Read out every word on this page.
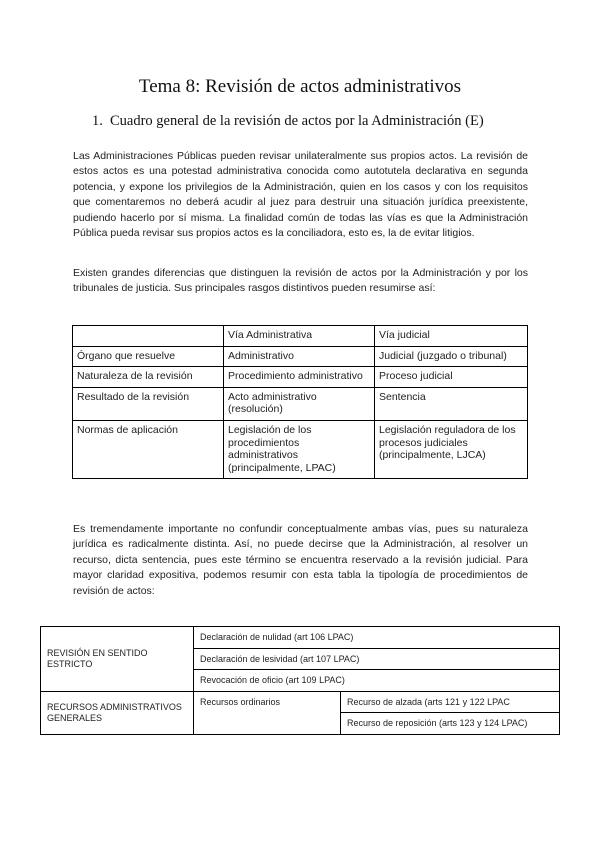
Tema 8: Revisión de actos administrativos
1. Cuadro general de la revisión de actos por la Administración (E)

Las Administraciones Públicas pueden revisar unilateralmente sus propios actos. La revisión de estos actos es una potestad administrativa conocida como autotutela declarativa en segunda potencia, y expone los privilegios de la Administración, quien en los casos y con los requisitos que comentaremos no deberá acudir al juez para destruir una situación jurídica preexistente, pudiendo hacerlo por sí misma. La finalidad común de todas las vías es que la Administración Pública pueda revisar sus propios actos es la conciliadora, esto es, la de evitar litigios.

Existen grandes diferencias que distinguen la revisión de actos por la Administración y por los tribunales de justicia. Sus principales rasgos distintivos pueden resumirse así:

	Vía Administrativa	Vía judicial
Órgano que resuelve	Administrativo	Judicial (juzgado o tribunal)
Naturaleza de la revisión	Procedimiento administrativo	Proceso judicial
Resultado de la revisión	Acto administrativo (resolución)	Sentencia
Normas de aplicación	Legislación de los procedimientos administrativos (principalmente, LPAC)	Legislación reguladora de los procesos judiciales (principalmente, LJCA)

Es tremendamente importante no confundir conceptualmente ambas vías, pues su naturaleza jurídica es radicalmente distinta. Así, no puede decirse que la Administración, al resolver un recurso, dicta sentencia, pues este término se encuentra reservado a la revisión judicial. Para mayor claridad expositiva, podemos resumir con esta tabla la tipología de procedimientos de revisión de actos:

REVISIÓN EN SENTIDO ESTRICTO	Declaración de nulidad (art 106 LPAC)	
	Declaración de lesividad (art 107 LPAC)	
	Revocación de oficio (art 109 LPAC)	
RECURSOS ADMINISTRATIVOS GENERALES	Recursos ordinarios	Recurso de alzada (arts 121 y 122 LPAC
		Recurso de reposición (arts 123 y 124 LPAC)
